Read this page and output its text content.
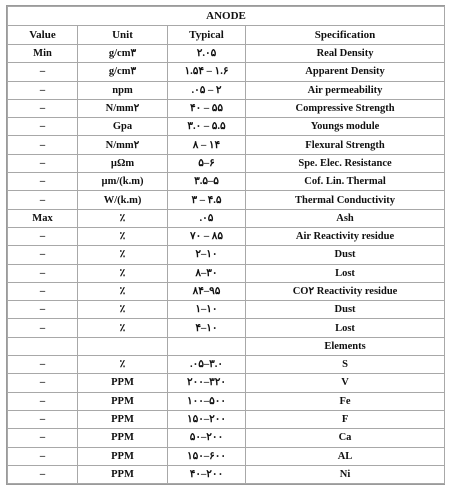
ANODE			
Value	Unit	Typical	Specification
Min	g/cm۳	۲.۰۵	Real Density
–	g/cm۳	۱.۵۴ – ۱.۶	Apparent Density
–	npm	.۰۵ – ۲	Air permeability
–	N/mm۲	۴۰ – ۵۵	Compressive Strength
–	Gpa	۳.۰ – ۵.۵	Youngs module
–	N/mm۲	۸ – ۱۴	Flexural Strength
–	µΩm	۵–۶	Spe. Elec. Resistance
–	µm/(k.m)	۳.۵–۵	Cof. Lin. Thermal
–	W/(k.m)	۳ – ۴.۵	Thermal Conductivity
Max	٪	.۰۵	Ash
–	٪	۷۰ – ۸۵	Air Reactivity residue
–	٪	۲–۱۰	Dust
–	٪	۸–۳۰	Lost
–	٪	۸۴–۹۵	CO۲ Reactivity residue
–	٪	۱–۱۰	Dust
–	٪	۴–۱۰	Lost
			Elements
–	٪	.۰۵–۳.۰	S
–	PPM	۲۰۰–۳۲۰	V
–	PPM	۱۰۰–۵۰۰	Fe
–	PPM	۱۵۰–۲۰۰	F
–	PPM	۵۰–۲۰۰	Ca
–	PPM	۱۵۰–۶۰۰	AL
–	PPM	۴۰–۲۰۰	Ni
